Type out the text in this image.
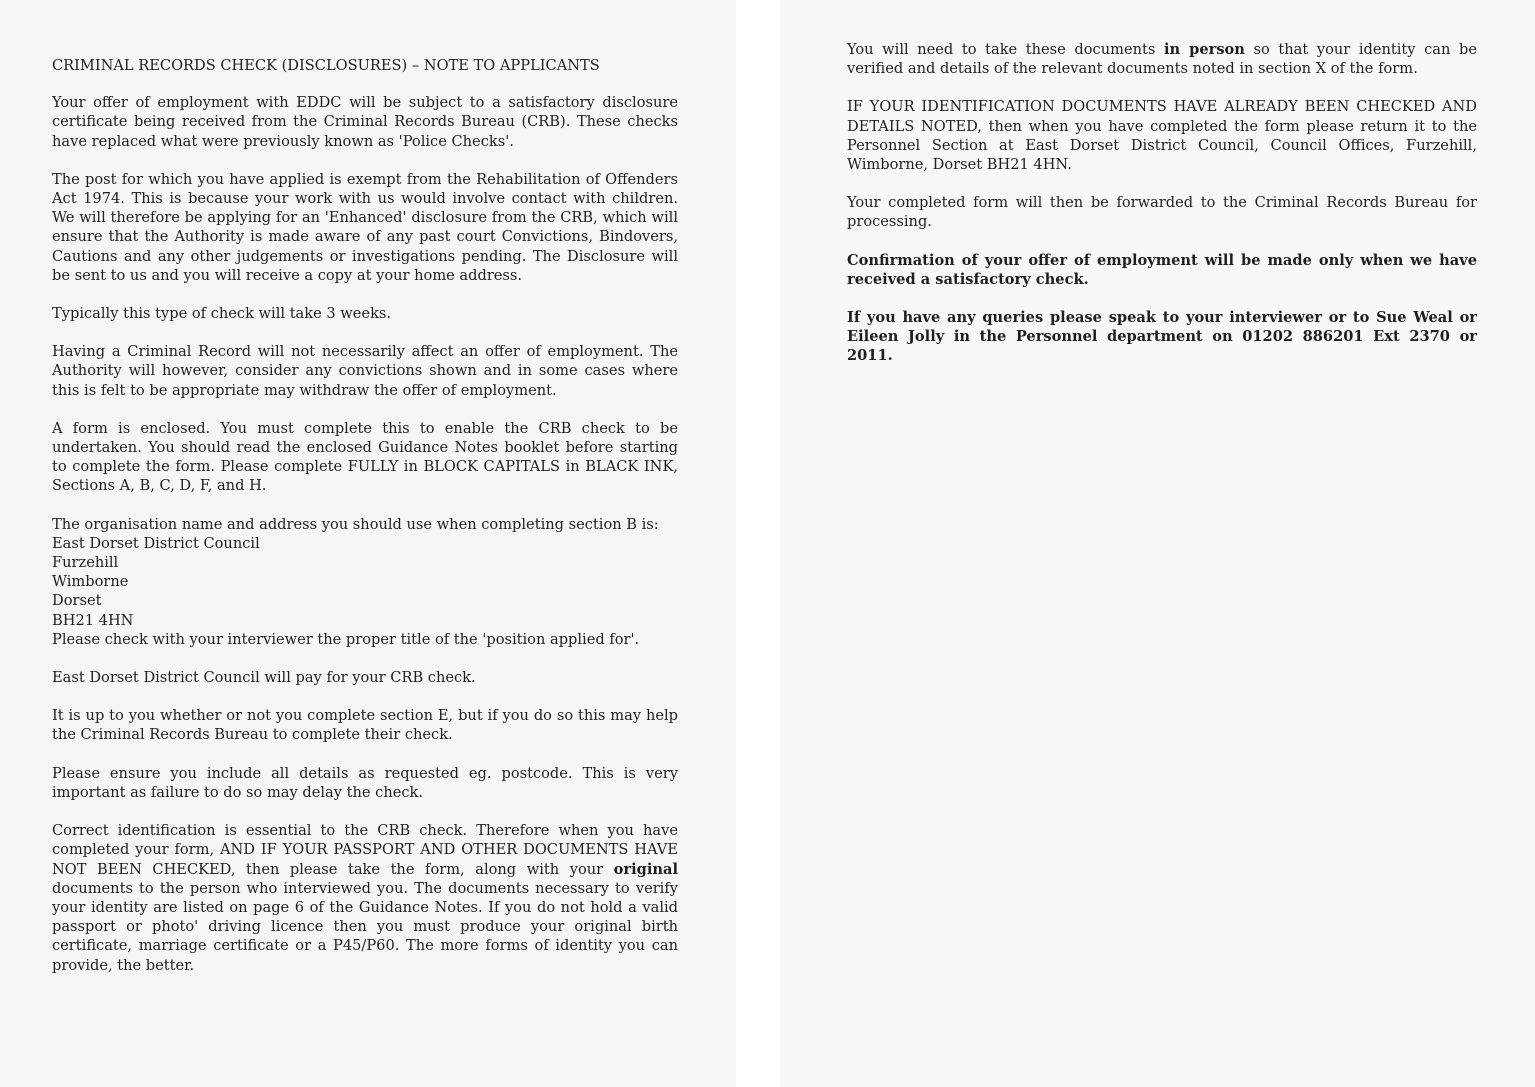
CRIMINAL RECORDS CHECK (DISCLOSURES) – NOTE TO APPLICANTS

Your offer of employment with EDDC will be subject to a satisfactory disclosure certificate being received from the Criminal Records Bureau (CRB). These checks have replaced what were previously known as 'Police Checks'.

The post for which you have applied is exempt from the Rehabilitation of Offenders Act 1974. This is because your work with us would involve contact with children. We will therefore be applying for an 'Enhanced' disclosure from the CRB, which will ensure that the Authority is made aware of any past court Convictions, Bindovers, Cautions and any other judgements or investigations pending. The Disclosure will be sent to us and you will receive a copy at your home address.

Typically this type of check will take 3 weeks.

Having a Criminal Record will not necessarily affect an offer of employment. The Authority will however, consider any convictions shown and in some cases where this is felt to be appropriate may withdraw the offer of employment.

A form is enclosed. You must complete this to enable the CRB check to be undertaken. You should read the enclosed Guidance Notes booklet before starting to complete the form. Please complete FULLY in BLOCK CAPITALS in BLACK INK, Sections A, B, C, D, F, and H.

The organisation name and address you should use when completing section B is:

East Dorset District Council

Furzehill

Wimborne

Dorset

BH21 4HN

Please check with your interviewer the proper title of the 'position applied for'.

East Dorset District Council will pay for your CRB check.

It is up to you whether or not you complete section E, but if you do so this may help the Criminal Records Bureau to complete their check.

Please ensure you include all details as requested eg. postcode. This is very important as failure to do so may delay the check.

Correct identification is essential to the CRB check. Therefore when you have completed your form, AND IF YOUR PASSPORT AND OTHER DOCUMENTS HAVE NOT BEEN CHECKED, then please take the form, along with your original documents to the person who interviewed you. The documents necessary to verify your identity are listed on page 6 of the Guidance Notes. If you do not hold a valid passport or photo' driving licence then you must produce your original birth certificate, marriage certificate or a P45/P60. The more forms of identity you can provide, the better.

You will need to take these documents in person so that your identity can be verified and details of the relevant documents noted in section X of the form.

IF YOUR IDENTIFICATION DOCUMENTS HAVE ALREADY BEEN CHECKED AND DETAILS NOTED, then when you have completed the form please return it to the Personnel Section at East Dorset District Council, Council Offices, Furzehill, Wimborne, Dorset BH21 4HN.

Your completed form will then be forwarded to the Criminal Records Bureau for processing.

Confirmation of your offer of employment will be made only when we have received a satisfactory check.

If you have any queries please speak to your interviewer or to Sue Weal or Eileen Jolly in the Personnel department on 01202 886201 Ext 2370 or 2011.
